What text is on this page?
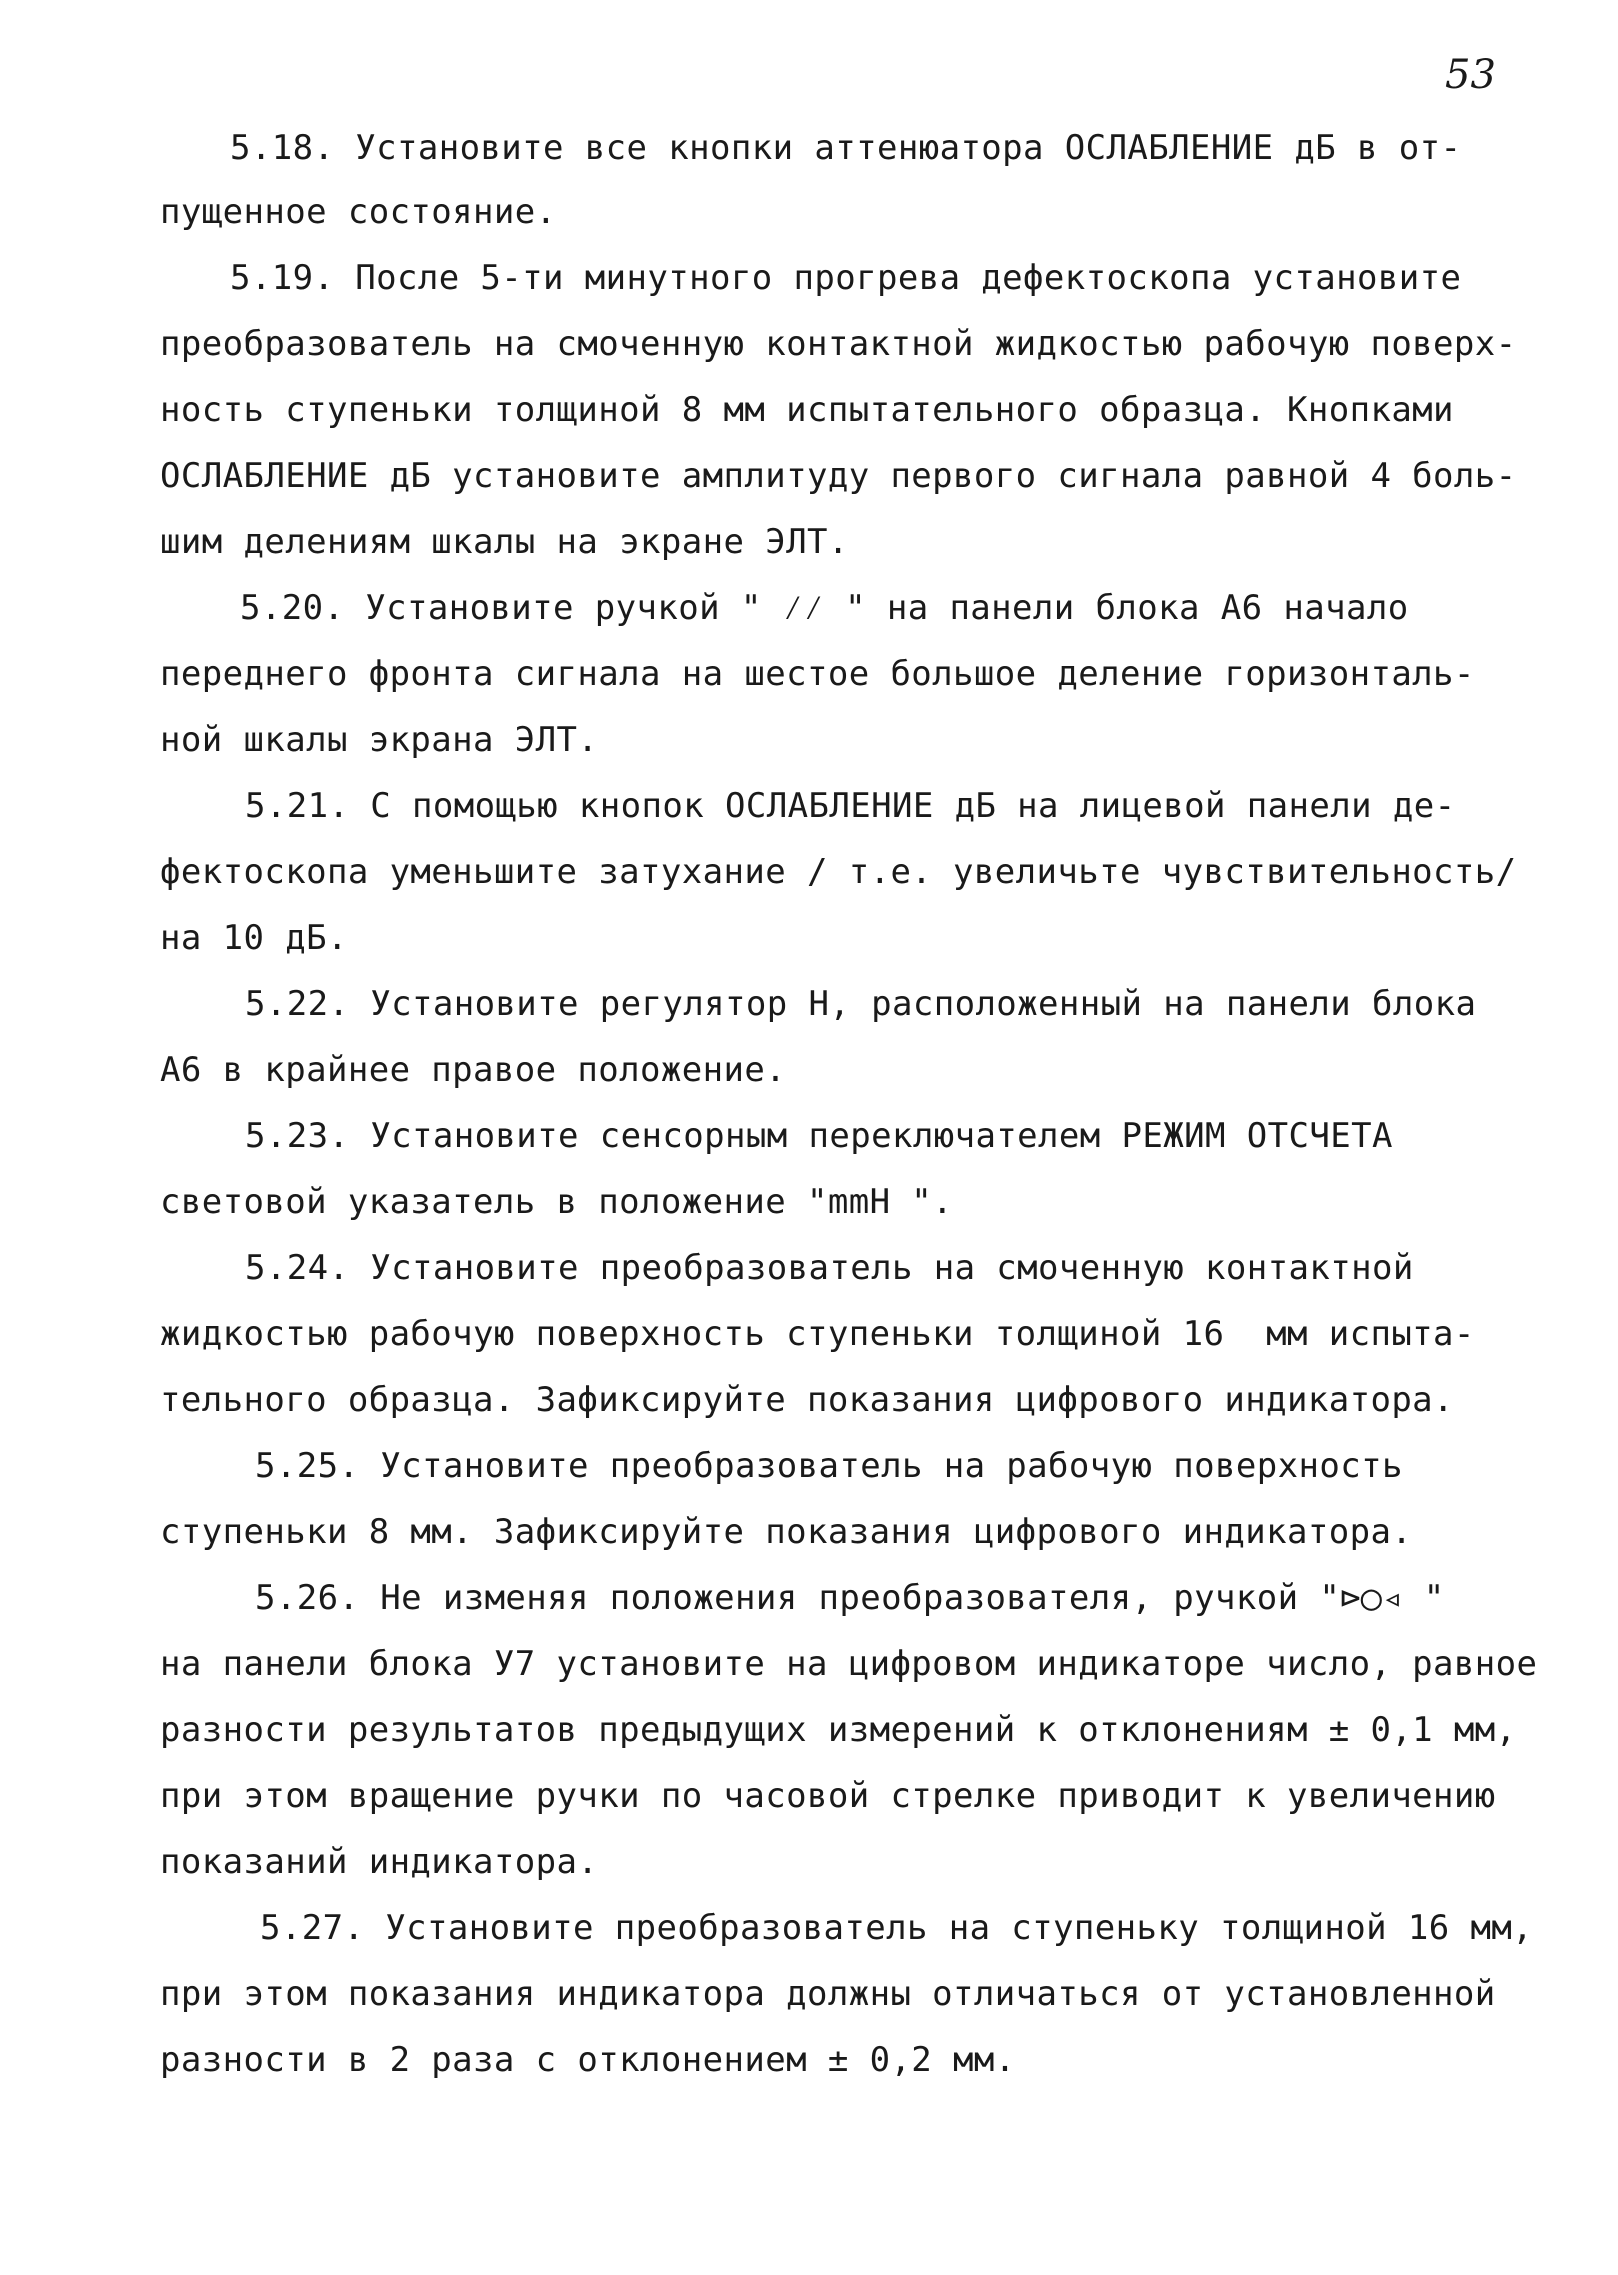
53
5.18. Установите все кнопки аттенюатора ОСЛАБЛЕНИЕ дБ в от-
пущенное состояние.
5.19. После 5-ти минутного прогрева дефектоскопа установите
преобразователь на смоченную контактной жидкостью рабочую поверх-
ность ступеньки толщиной 8 мм испытательного образца. Кнопками
ОСЛАБЛЕНИЕ дБ установите амплитуду первого сигнала равной 4 боль-
шим делениям шкалы на экране ЭЛТ.
5.20. Установите ручкой " ⁄⁄ " на панели блока А6 начало
переднего фронта сигнала на шестое большое деление горизонталь-
ной шкалы экрана ЭЛТ.
5.21. С помощью кнопок ОСЛАБЛЕНИЕ дБ на лицевой панели де-
фектоскопа уменьшите затухание / т.е. увеличьте чувствительность/
на 10 дБ.
5.22. Установите регулятор Н, расположенный на панели блока
А6 в крайнее правое положение.
5.23. Установите сенсорным переключателем РЕЖИМ ОТСЧЕТА
световой указатель в положение "mmH ".
5.24. Установите преобразователь на смоченную контактной
жидкостью рабочую поверхность ступеньки толщиной 16  мм испыта-
тельного образца. Зафиксируйте показания цифрового индикатора.
5.25. Установите преобразователь на рабочую поверхность
ступеньки 8 мм. Зафиксируйте показания цифрового индикатора.
5.26. Не изменяя положения преобразователя, ручкой "⊳◯◃ "
на панели блока У7 установите на цифровом индикаторе число, равное
разности результатов предыдущих измерений к отклонениям ± 0,1 мм,
при этом вращение ручки по часовой стрелке приводит к увеличению
показаний индикатора.
5.27. Установите преобразователь на ступеньку толщиной 16 мм,
при этом показания индикатора должны отличаться от установленной
разности в 2 раза с отклонением ± 0,2 мм.
